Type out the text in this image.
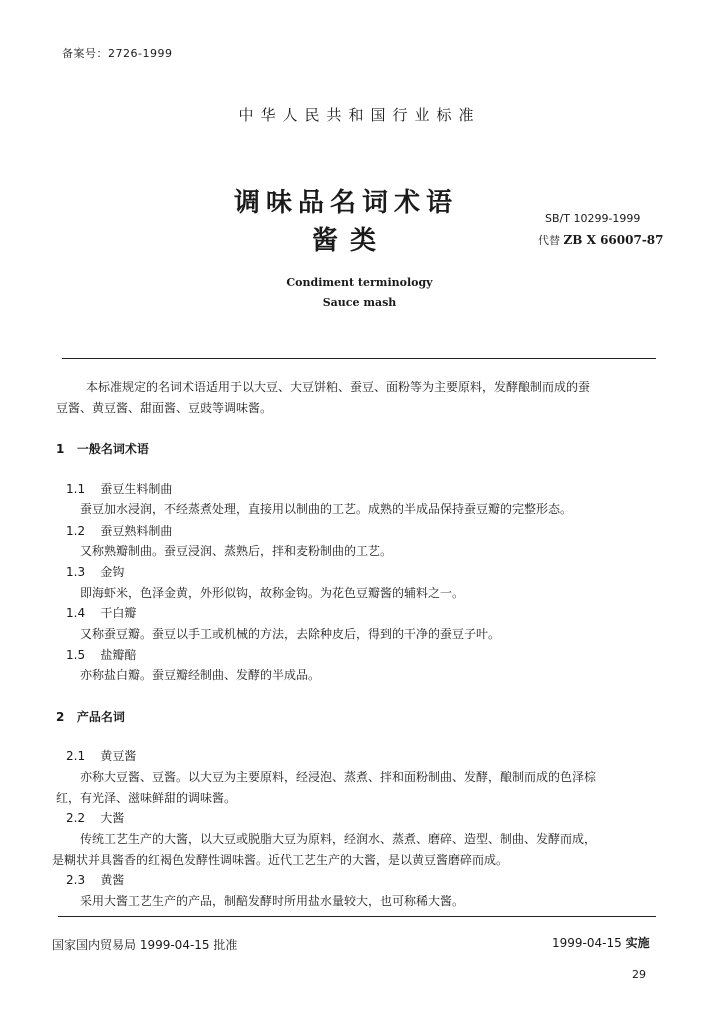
备案号：2726-1999
中华人民共和国行业标准
调味品名词术语
酱类
SB/T 10299-1999
代替 ZB X 66007-87
Condiment terminology
Sauce mash
本标准规定的名词术语适用于以大豆、大豆饼粕、蚕豆、面粉等为主要原料，发酵酿制而成的蚕
豆酱、黄豆酱、甜面酱、豆豉等调味酱。
1 一般名词术语
1.1 蚕豆生料制曲
蚕豆加水浸润，不经蒸煮处理，直接用以制曲的工艺。成熟的半成品保持蚕豆瓣的完整形态。
1.2 蚕豆熟料制曲
又称熟瓣制曲。蚕豆浸润、蒸熟后，拌和麦粉制曲的工艺。
1.3 金钩
即海虾米，色泽金黄，外形似钩，故称金钩。为花色豆瓣酱的辅料之一。
1.4 干白瓣
又称蚕豆瓣。蚕豆以手工或机械的方法，去除种皮后，得到的干净的蚕豆子叶。
1.5 盐瓣醅
亦称盐白瓣。蚕豆瓣经制曲、发酵的半成品。
2 产品名词
2.1 黄豆酱
亦称大豆酱、豆酱。以大豆为主要原料，经浸泡、蒸煮、拌和面粉制曲、发酵，酿制而成的色泽棕
红，有光泽、滋味鲜甜的调味酱。
2.2 大酱
传统工艺生产的大酱，以大豆或脱脂大豆为原料，经润水、蒸煮、磨碎、造型、制曲、发酵而成，
是糊状并具酱香的红褐色发酵性调味酱。近代工艺生产的大酱，是以黄豆酱磨碎而成。
2.3 黄酱
采用大酱工艺生产的产品，制醅发酵时所用盐水量较大，也可称稀大酱。
国家国内贸易局 1999-04-15 批准	1999-04-15 实施
29
